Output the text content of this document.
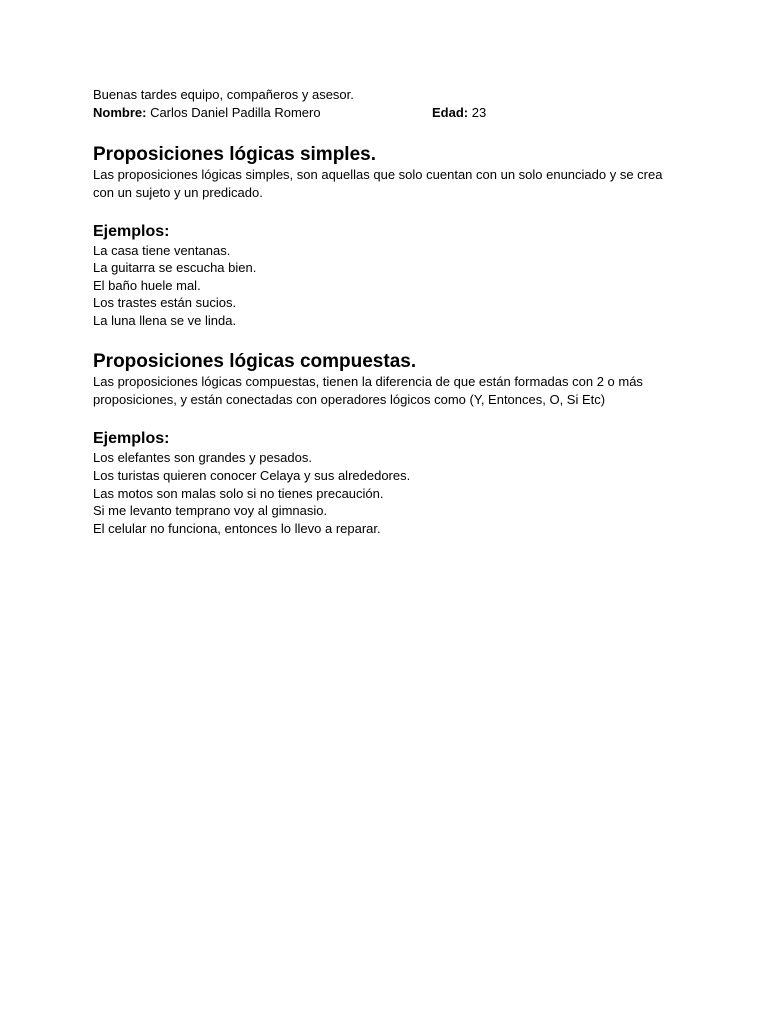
Buenas tardes equipo, compañeros y asesor.

Nombre: Carlos Daniel Padilla Romero	Edad: 23
Proposiciones lógicas simples.

Las proposiciones lógicas simples, son aquellas que solo cuentan con un solo enunciado y se crea con un sujeto y un predicado.

Ejemplos:
La casa tiene ventanas.
La guitarra se escucha bien.
El baño huele mal.
Los trastes están sucios.
La luna llena se ve linda.
Proposiciones lógicas compuestas.

Las proposiciones lógicas compuestas, tienen la diferencia de que están formadas con 2 o más proposiciones, y están conectadas con operadores lógicos como (Y, Entonces, O, Si Etc)

Ejemplos:
Los elefantes son grandes y pesados.
Los turistas quieren conocer Celaya y sus alrededores.
Las motos son malas solo si no tienes precaución.
Si me levanto temprano voy al gimnasio.
El celular no funciona, entonces lo llevo a reparar.
